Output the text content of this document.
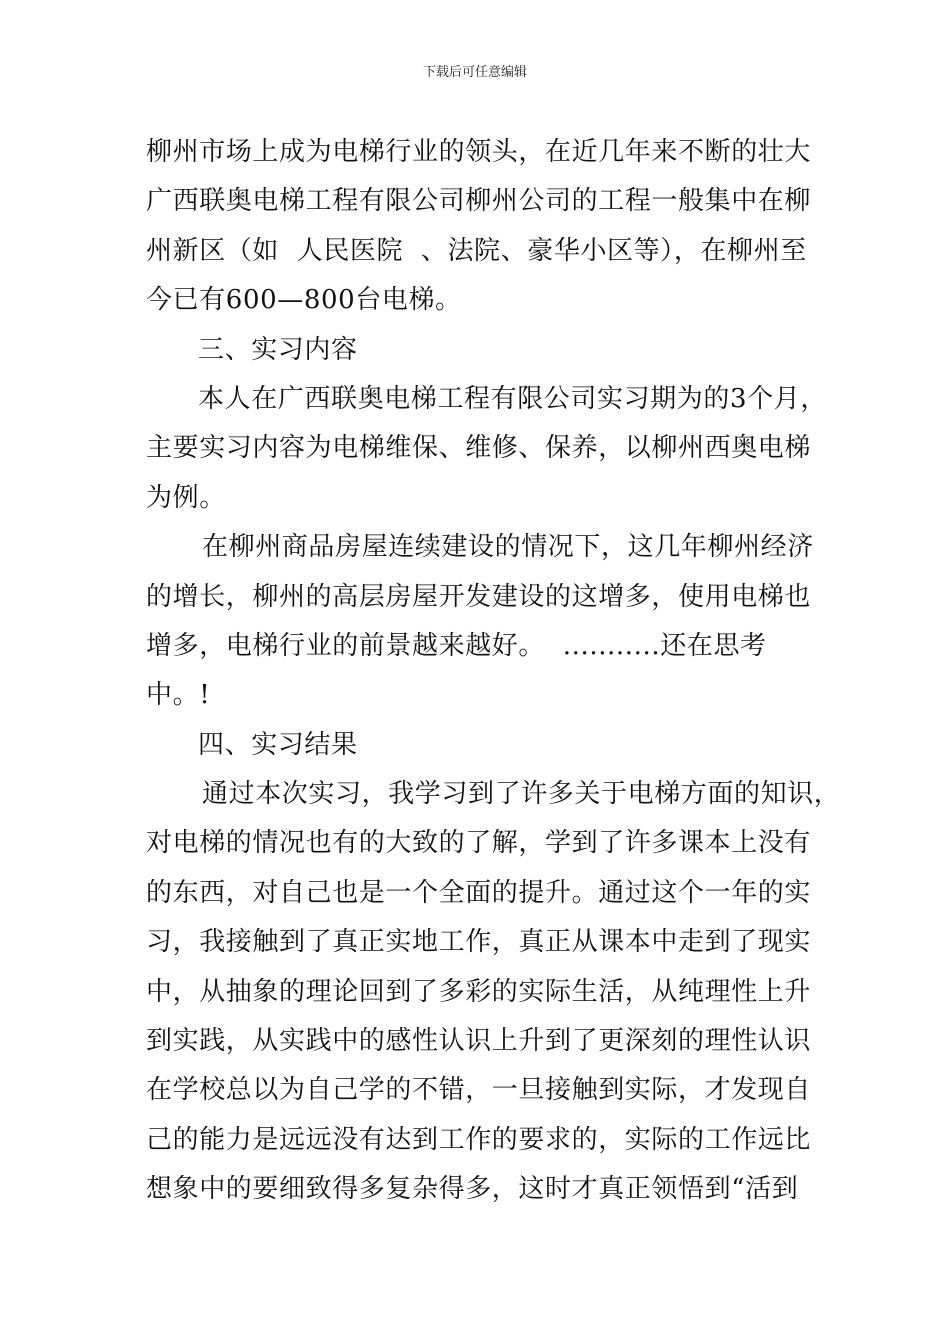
下载后可任意编辑
柳州市场上成为电梯行业的领头，在近几年来不断的壮大
广西联奥电梯工程有限公司柳州公司的工程一般集中在柳
州新区（如  人民医院  、法院、豪华小区等），在柳州至
今已有600—800台电梯。
三、实习内容
本人在广西联奥电梯工程有限公司实习期为的3个月，
主要实习内容为电梯维保、维修、保养，以柳州西奥电梯
为例。
在柳州商品房屋连续建设的情况下，这几年柳州经济
的增长，柳州的高层房屋开发建设的这增多，使用电梯也
增多，电梯行业的前景越来越好。  ...........还在思考
中。!
四、实习结果
通过本次实习，我学习到了许多关于电梯方面的知识，
对电梯的情况也有的大致的了解，学到了许多课本上没有
的东西，对自己也是一个全面的提升。通过这个一年的实
习，我接触到了真正实地工作，真正从课本中走到了现实
中，从抽象的理论回到了多彩的实际生活，从纯理性上升
到实践，从实践中的感性认识上升到了更深刻的理性认识
在学校总以为自己学的不错，一旦接触到实际，才发现自
己的能力是远远没有达到工作的要求的，实际的工作远比
想象中的要细致得多复杂得多，这时才真正领悟到“活到
